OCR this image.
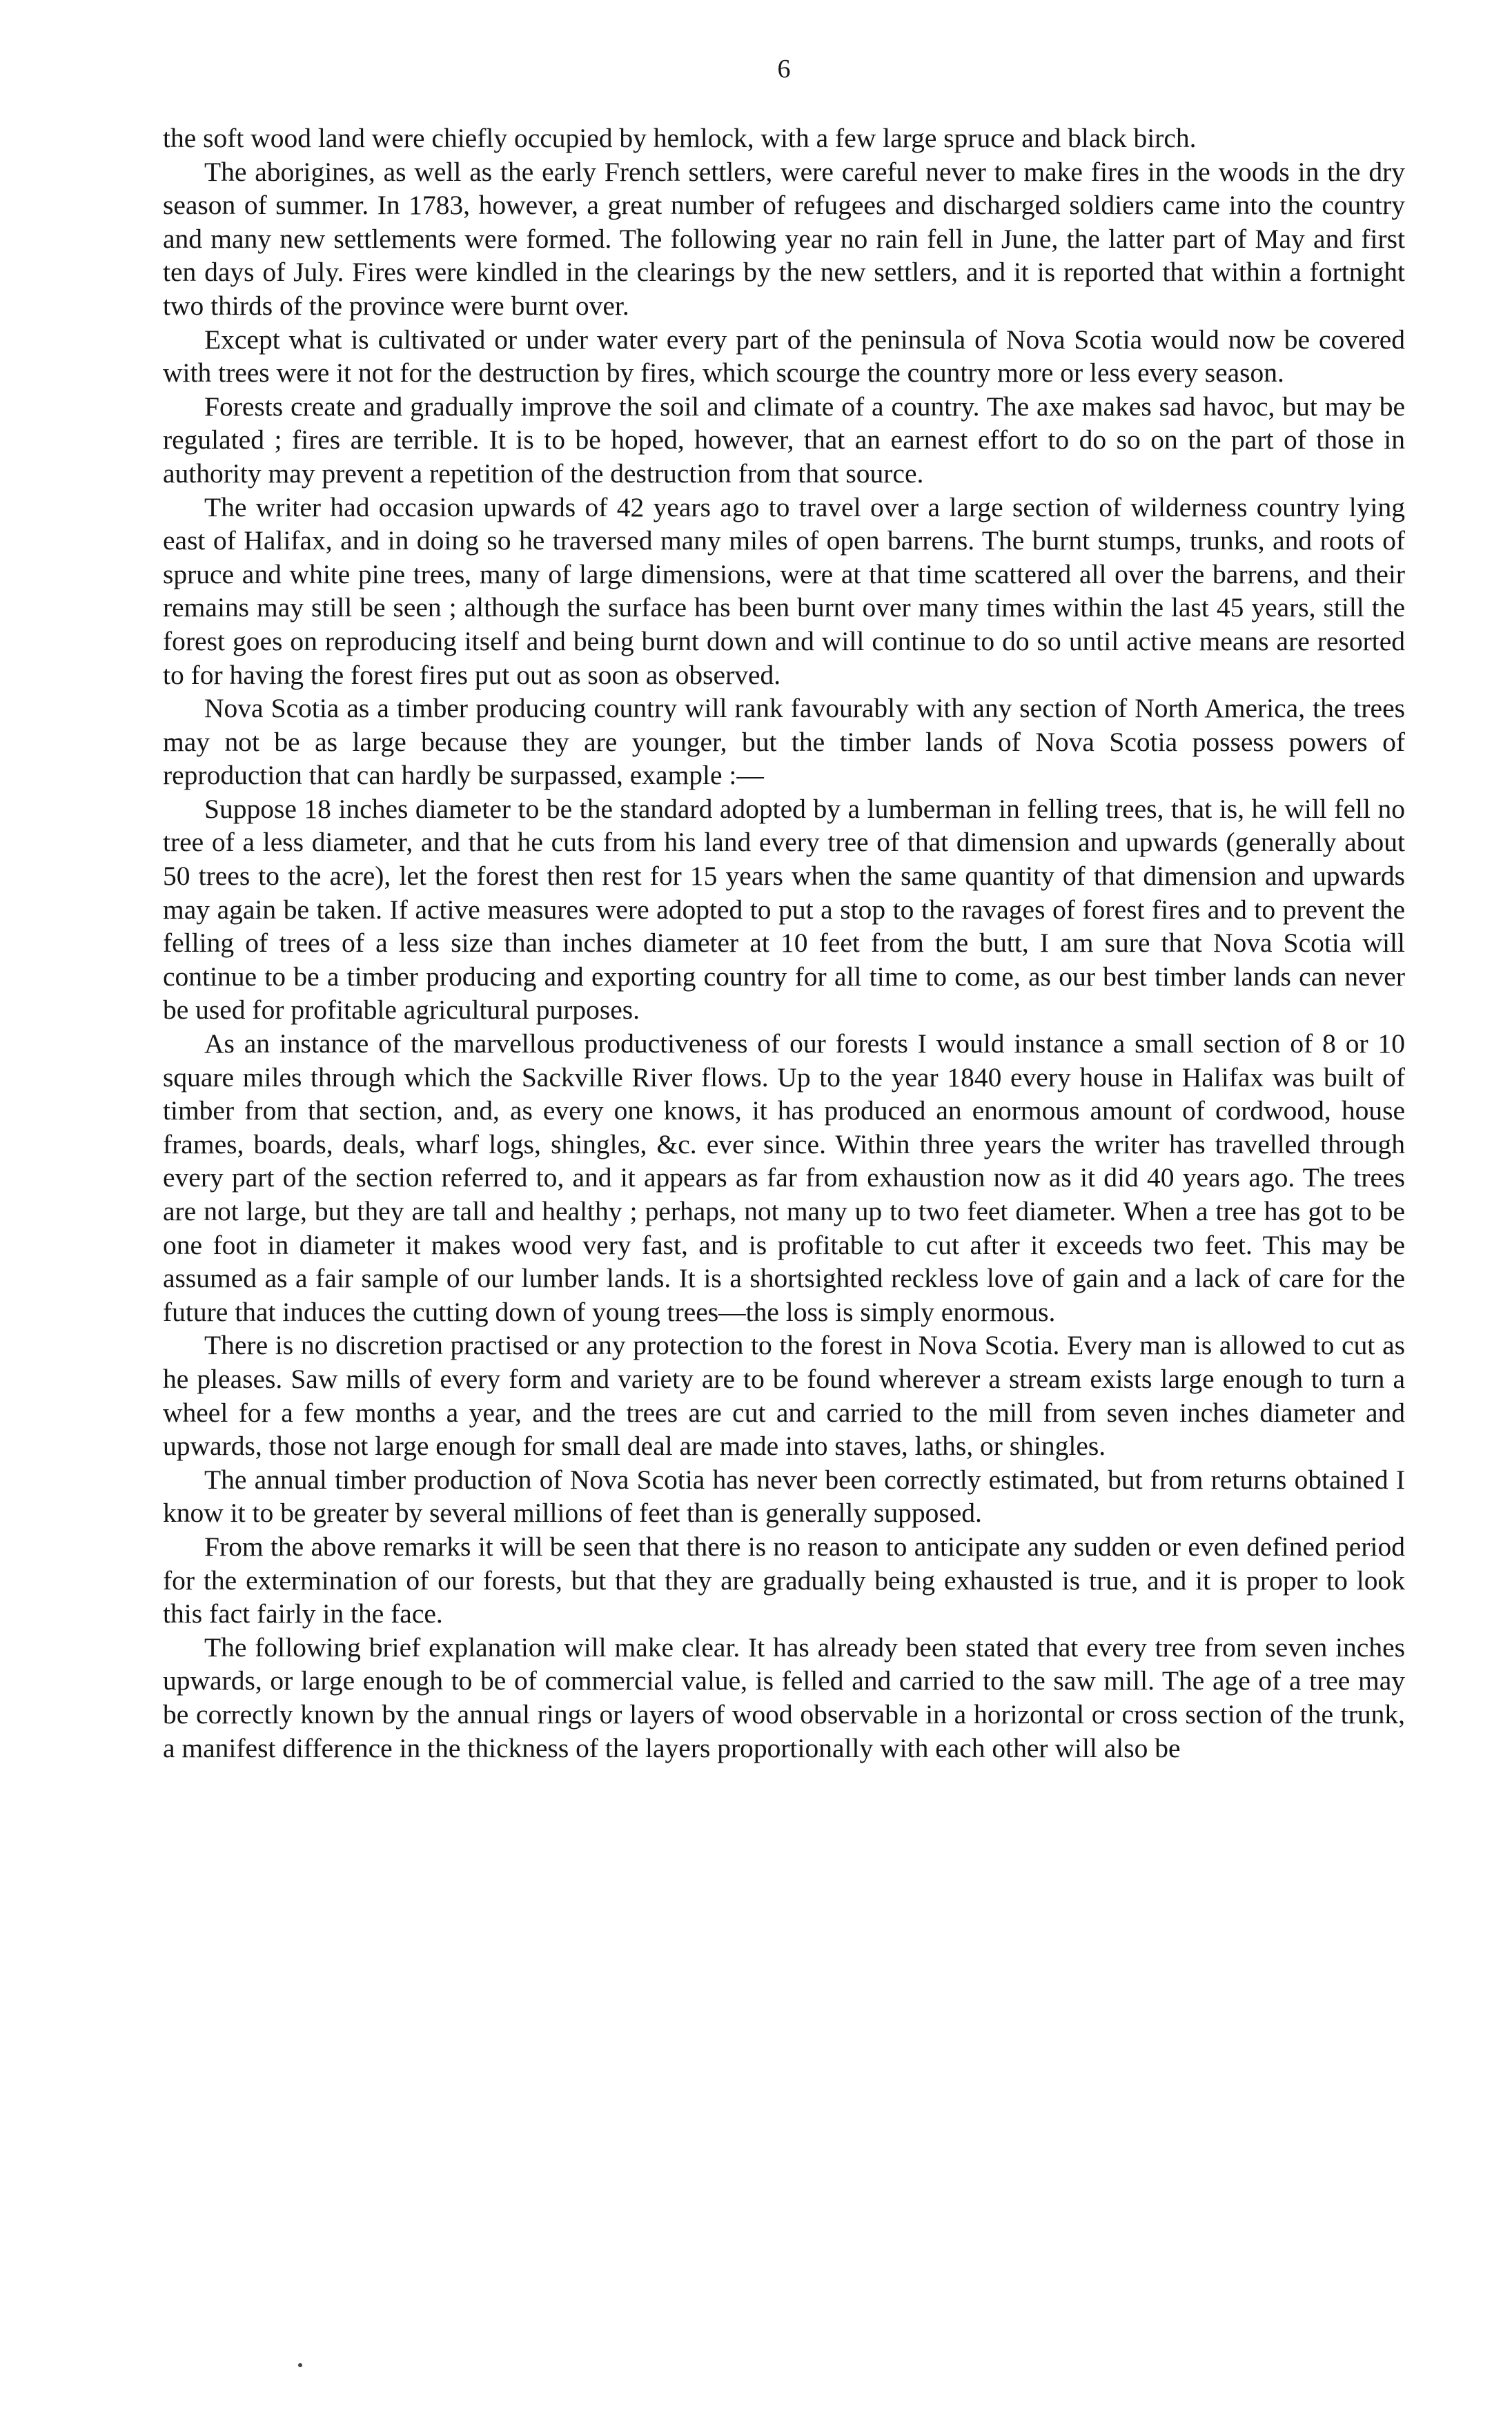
6

the soft wood land were chiefly occupied by hemlock, with a few large spruce and black birch.

The aborigines, as well as the early French settlers, were careful never to make fires in the woods in the dry season of summer. In 1783, however, a great number of refugees and discharged soldiers came into the country and many new settlements were formed. The following year no rain fell in June, the latter part of May and first ten days of July. Fires were kindled in the clearings by the new settlers, and it is reported that within a fortnight two thirds of the province were burnt over.

Except what is cultivated or under water every part of the peninsula of Nova Scotia would now be covered with trees were it not for the destruction by fires, which scourge the country more or less every season.

Forests create and gradually improve the soil and climate of a country. The axe makes sad havoc, but may be regulated ; fires are terrible. It is to be hoped, however, that an earnest effort to do so on the part of those in authority may prevent a repetition of the destruction from that source.

The writer had occasion upwards of 42 years ago to travel over a large section of wilderness country lying east of Halifax, and in doing so he traversed many miles of open barrens. The burnt stumps, trunks, and roots of spruce and white pine trees, many of large dimensions, were at that time scattered all over the barrens, and their remains may still be seen ; although the surface has been burnt over many times within the last 45 years, still the forest goes on reproducing itself and being burnt down and will continue to do so until active means are resorted to for having the forest fires put out as soon as observed.

Nova Scotia as a timber producing country will rank favourably with any section of North America, the trees may not be as large because they are younger, but the timber lands of Nova Scotia possess powers of reproduction that can hardly be surpassed, example :—

Suppose 18 inches diameter to be the standard adopted by a lumberman in felling trees, that is, he will fell no tree of a less diameter, and that he cuts from his land every tree of that dimension and upwards (generally about 50 trees to the acre), let the forest then rest for 15 years when the same quantity of that dimension and upwards may again be taken. If active measures were adopted to put a stop to the ravages of forest fires and to prevent the felling of trees of a less size than inches diameter at 10 feet from the butt, I am sure that Nova Scotia will continue to be a timber producing and exporting country for all time to come, as our best timber lands can never be used for profitable agricultural purposes.

As an instance of the marvellous productiveness of our forests I would instance a small section of 8 or 10 square miles through which the Sackville River flows. Up to the year 1840 every house in Halifax was built of timber from that section, and, as every one knows, it has produced an enormous amount of cordwood, house frames, boards, deals, wharf logs, shingles, &c. ever since. Within three years the writer has travelled through every part of the section referred to, and it appears as far from exhaustion now as it did 40 years ago. The trees are not large, but they are tall and healthy ; perhaps, not many up to two feet diameter. When a tree has got to be one foot in diameter it makes wood very fast, and is profitable to cut after it exceeds two feet. This may be assumed as a fair sample of our lumber lands. It is a shortsighted reckless love of gain and a lack of care for the future that induces the cutting down of young trees—the loss is simply enormous.

There is no discretion practised or any protection to the forest in Nova Scotia. Every man is allowed to cut as he pleases. Saw mills of every form and variety are to be found wherever a stream exists large enough to turn a wheel for a few months a year, and the trees are cut and carried to the mill from seven inches diameter and upwards, those not large enough for small deal are made into staves, laths, or shingles.

The annual timber production of Nova Scotia has never been correctly estimated, but from returns obtained I know it to be greater by several millions of feet than is generally supposed.

From the above remarks it will be seen that there is no reason to anticipate any sudden or even defined period for the extermination of our forests, but that they are gradually being exhausted is true, and it is proper to look this fact fairly in the face.

The following brief explanation will make clear. It has already been stated that every tree from seven inches upwards, or large enough to be of commercial value, is felled and carried to the saw mill. The age of a tree may be correctly known by the annual rings or layers of wood observable in a horizontal or cross section of the trunk, a manifest difference in the thickness of the layers proportionally with each other will also be
